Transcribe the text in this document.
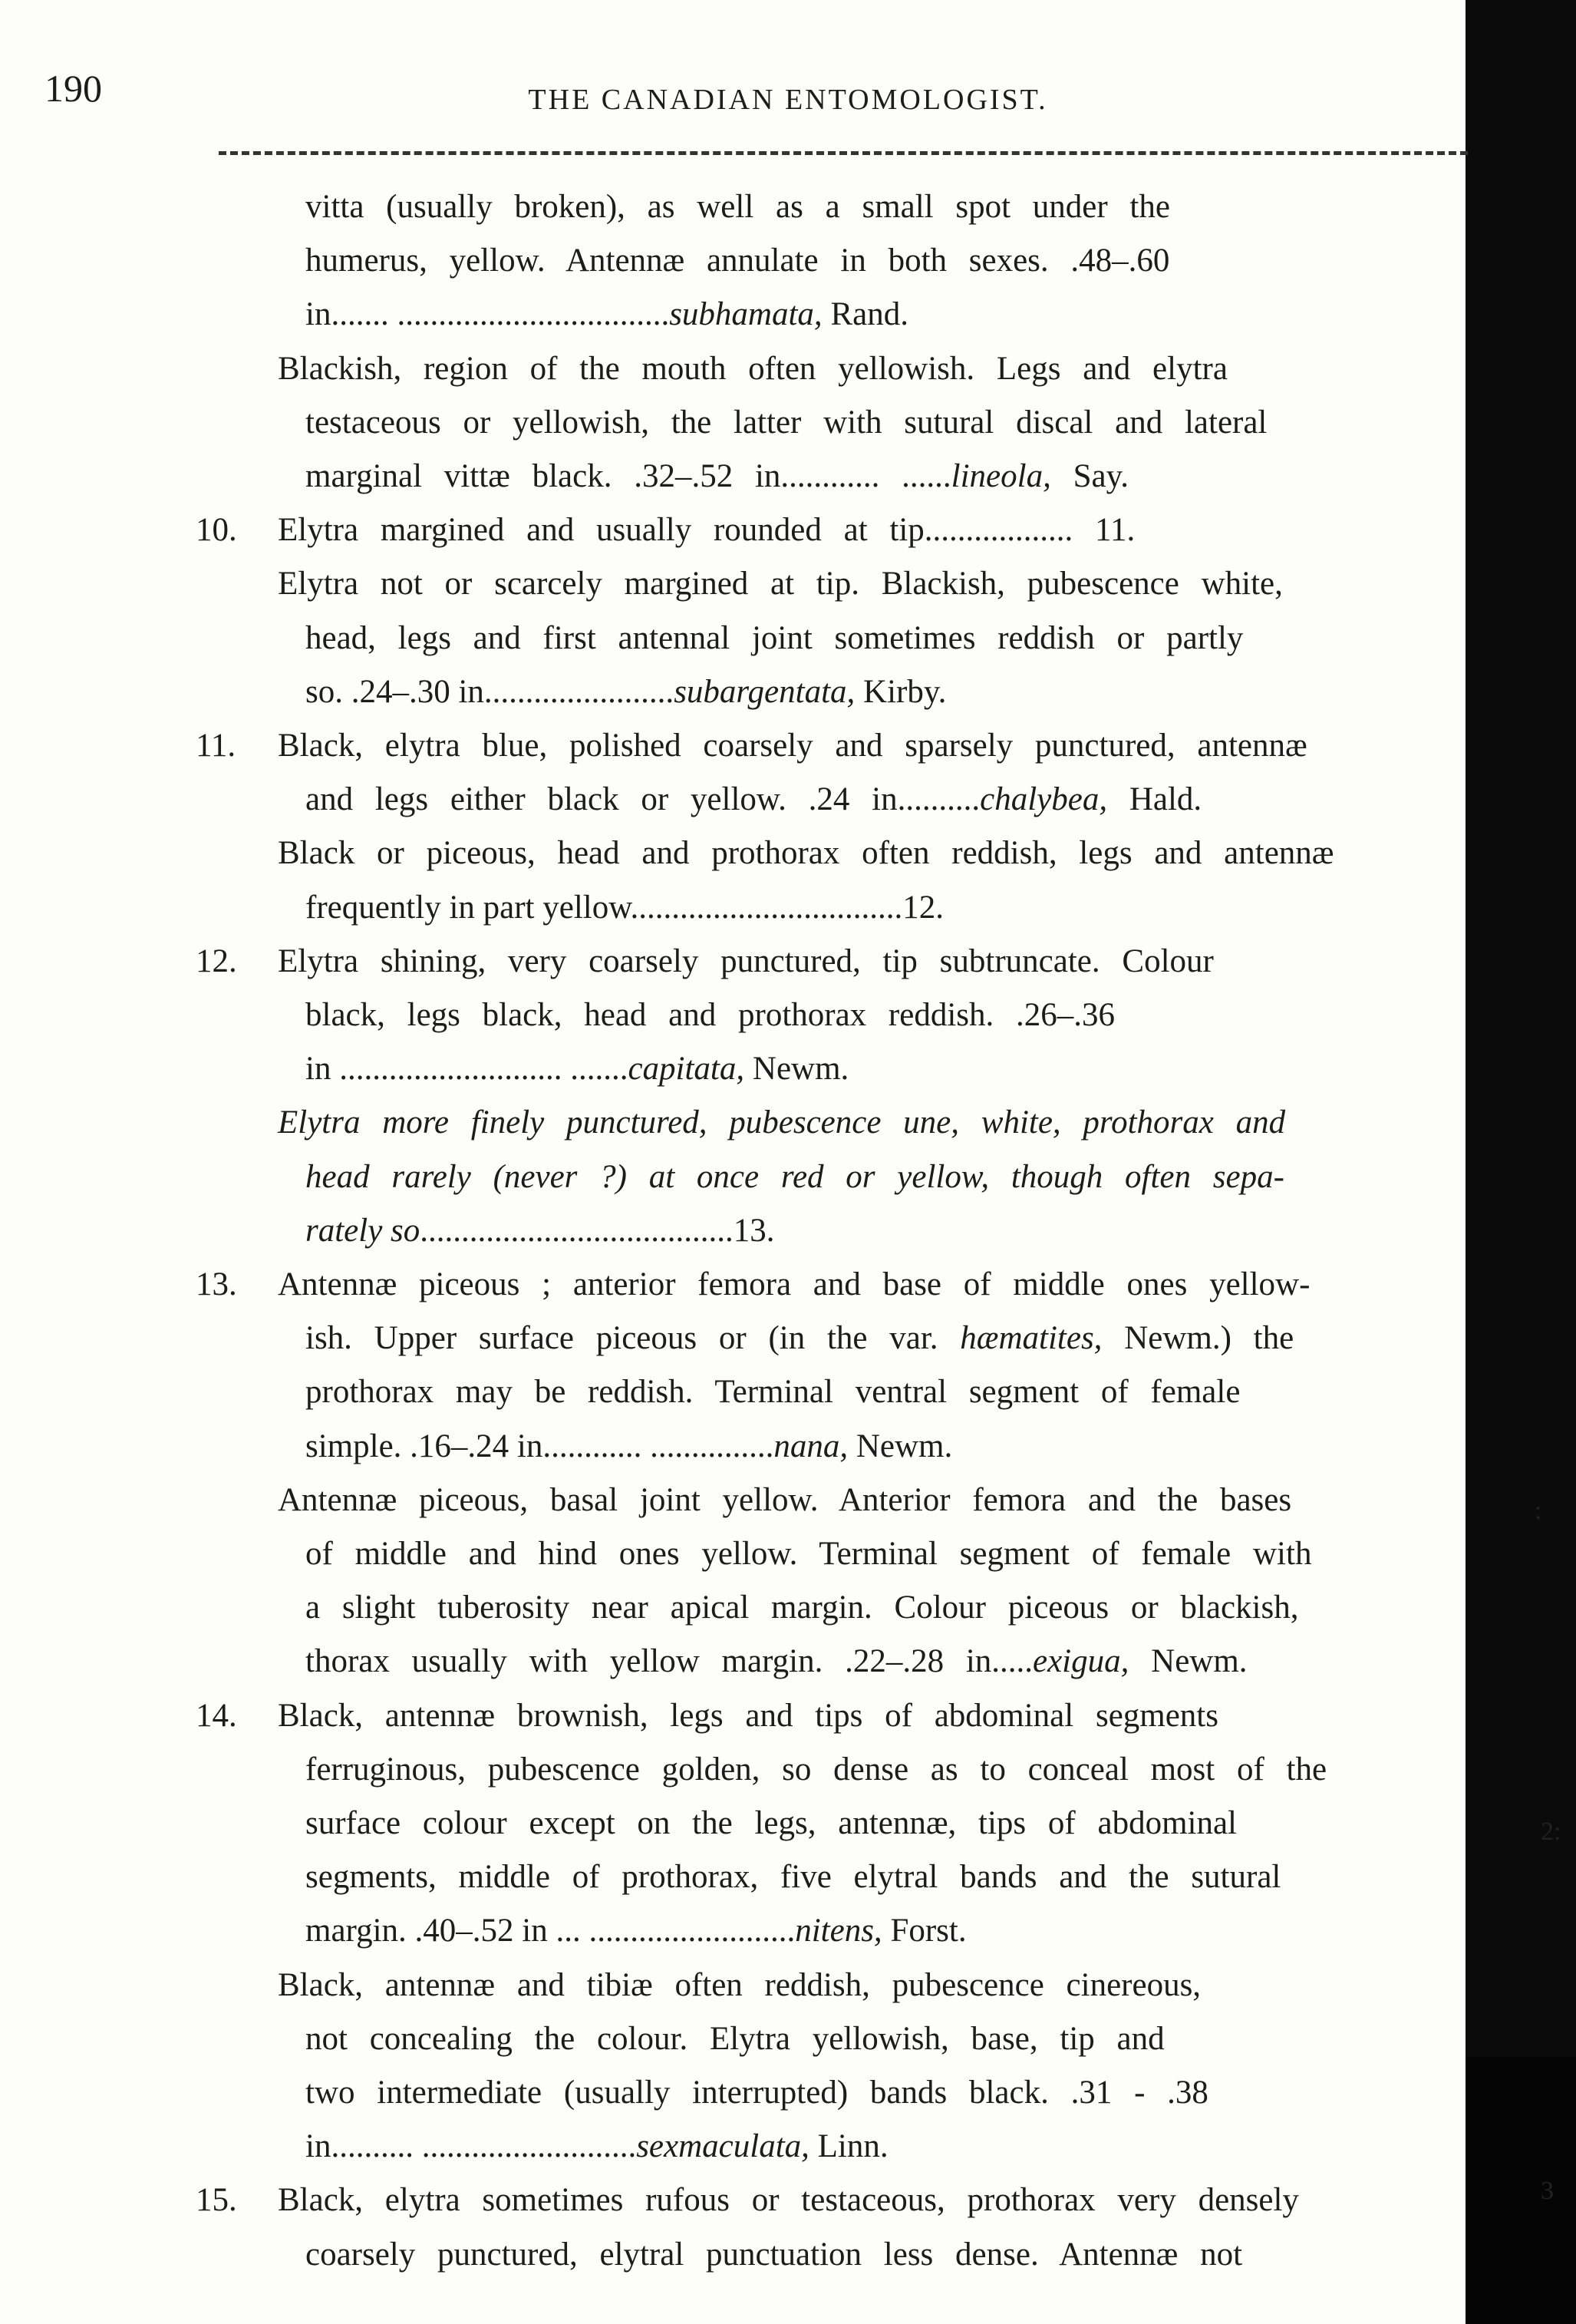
190	THE CANADIAN ENTOMOLOGIST.
:
2:
3
vitta (usually broken), as well as a small spot under the
humerus, yellow. Antennæ annulate in both sexes. .48–.60
in....... .................................subhamata, Rand.
Blackish, region of the mouth often yellowish. Legs and elytra
testaceous or yellowish, the latter with sutural discal and lateral
marginal vittæ black. .32–.52 in............ ......lineola, Say.
10. Elytra margined and usually rounded at tip.................. 11.
Elytra not or scarcely margined at tip. Blackish, pubescence white,
head, legs and first antennal joint sometimes reddish or partly
so. .24–.30 in.......................subargentata, Kirby.
11. Black, elytra blue, polished coarsely and sparsely punctured, antennæ
and legs either black or yellow. .24 in..........chalybea, Hald.
Black or piceous, head and prothorax often reddish, legs and antennæ
frequently in part yellow.................................12.
12. Elytra shining, very coarsely punctured, tip subtruncate. Colour
black, legs black, head and prothorax reddish. .26–.36
in ........................... .......capitata, Newm.
Elytra more finely punctured, pubescence une, white, prothorax and
head rarely (never ?) at once red or yellow, though often sepa-
rately so......................................13.
13. Antennæ piceous ; anterior femora and base of middle ones yellow-
ish. Upper surface piceous or (in the var. hæmatites, Newm.) the
prothorax may be reddish. Terminal ventral segment of female
simple. .16–.24 in............ ...............nana, Newm.
Antennæ piceous, basal joint yellow. Anterior femora and the bases
of middle and hind ones yellow. Terminal segment of female with
a slight tuberosity near apical margin. Colour piceous or blackish,
thorax usually with yellow margin. .22–.28 in.....exigua, Newm.
14. Black, antennæ brownish, legs and tips of abdominal segments
ferruginous, pubescence golden, so dense as to conceal most of the
surface colour except on the legs, antennæ, tips of abdominal
segments, middle of prothorax, five elytral bands and the sutural
margin. .40–.52 in ... .........................nitens, Forst.
Black, antennæ and tibiæ often reddish, pubescence cinereous,
not concealing the colour. Elytra yellowish, base, tip and
two intermediate (usually interrupted) bands black. .31 - .38
in.......... ..........................sexmaculata, Linn.
15. Black, elytra sometimes rufous or testaceous, prothorax very densely
coarsely punctured, elytral punctuation less dense. Antennæ not
